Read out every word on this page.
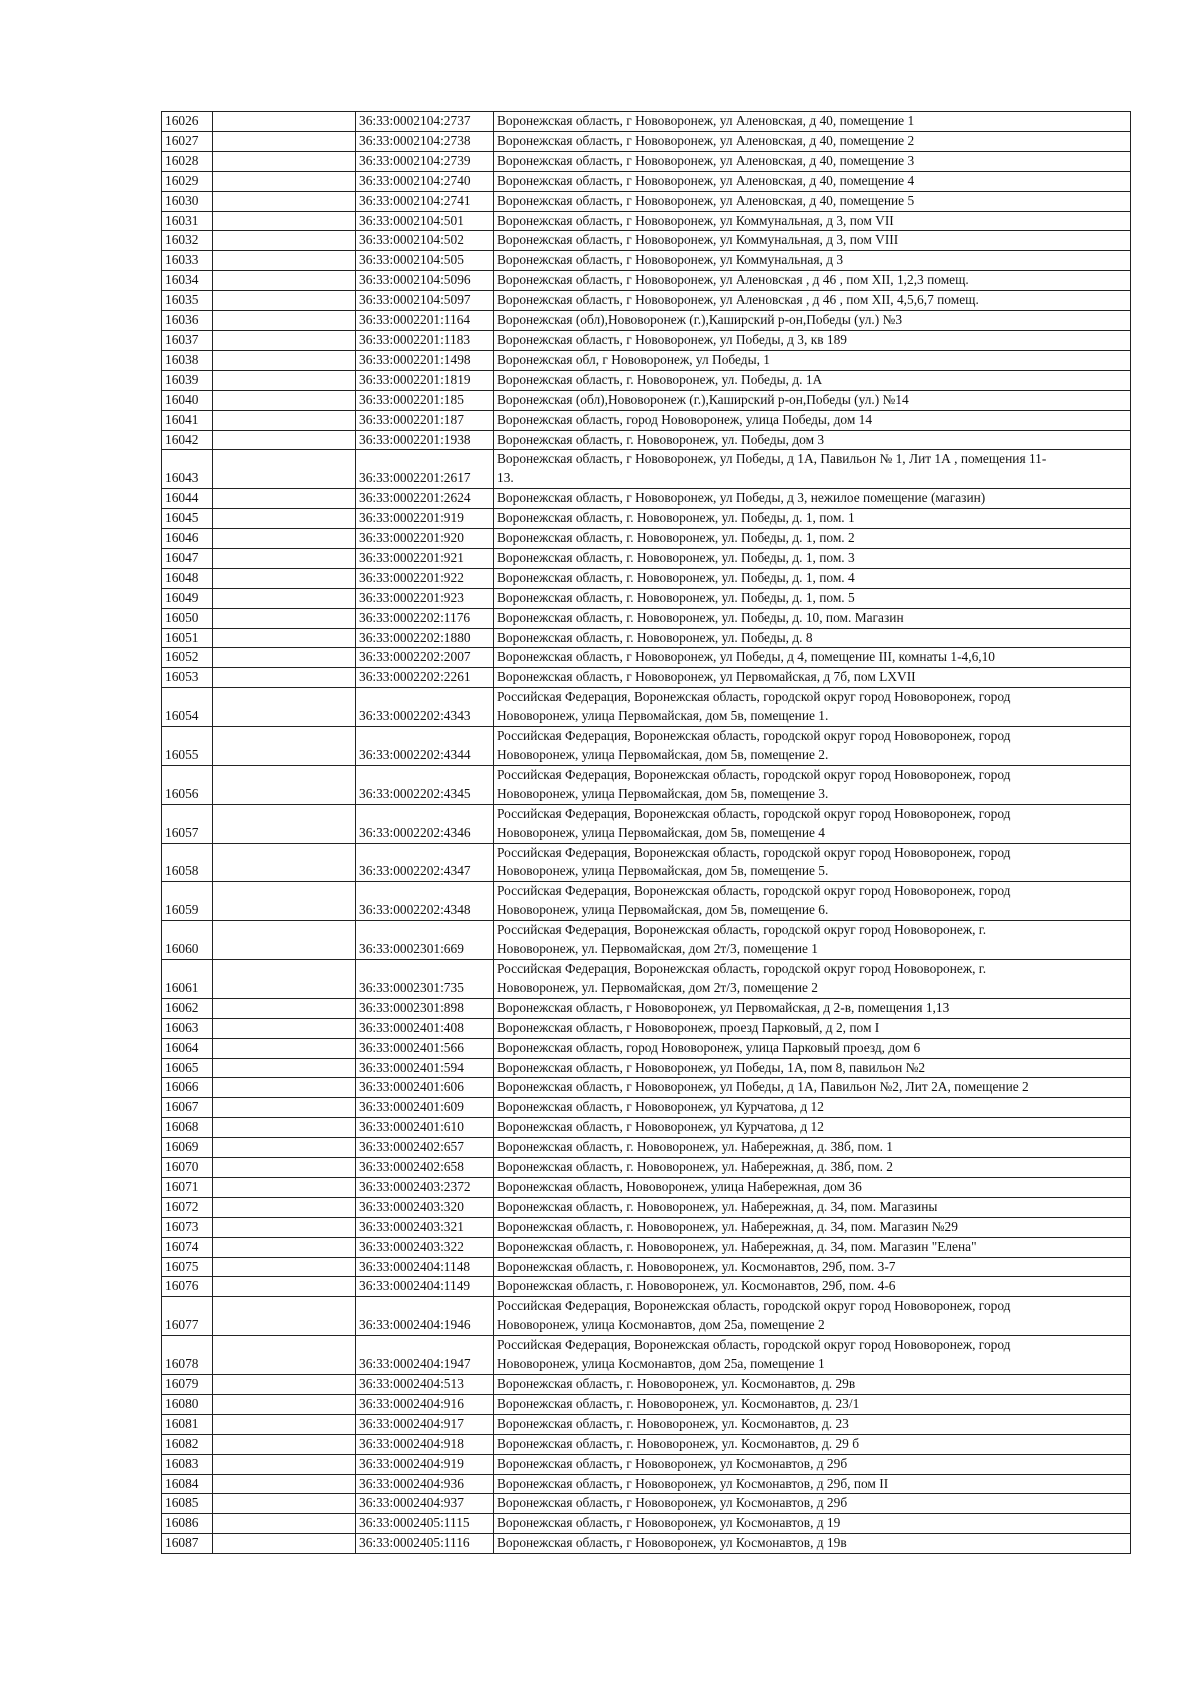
16026		36:33:0002104:2737	Воронежская область, г Нововоронеж, ул Аленовская, д 40, помещение 1
16027		36:33:0002104:2738	Воронежская область, г Нововоронеж, ул Аленовская, д 40, помещение 2
16028		36:33:0002104:2739	Воронежская область, г Нововоронеж, ул Аленовская, д 40, помещение 3
16029		36:33:0002104:2740	Воронежская область, г Нововоронеж, ул Аленовская, д 40, помещение 4
16030		36:33:0002104:2741	Воронежская область, г Нововоронеж, ул Аленовская, д 40, помещение 5
16031		36:33:0002104:501	Воронежская область, г Нововоронеж, ул Коммунальная, д 3, пом VII
16032		36:33:0002104:502	Воронежская область, г Нововоронеж, ул Коммунальная, д 3, пом VIII
16033		36:33:0002104:505	Воронежская область, г Нововоронеж, ул Коммунальная, д 3
16034		36:33:0002104:5096	Воронежская область, г Нововоронеж, ул Аленовская , д 46 , пом XII, 1,2,3 помещ.
16035		36:33:0002104:5097	Воронежская область, г Нововоронеж, ул Аленовская , д 46 , пом XII, 4,5,6,7 помещ.
16036		36:33:0002201:1164	Воронежская (обл),Нововоронеж (г.),Каширский р-он,Победы (ул.) №3
16037		36:33:0002201:1183	Воронежская область, г Нововоронеж, ул Победы, д 3, кв 189
16038		36:33:0002201:1498	Воронежская обл, г Нововоронеж, ул Победы, 1
16039		36:33:0002201:1819	Воронежская область, г. Нововоронеж, ул. Победы, д. 1А
16040		36:33:0002201:185	Воронежская (обл),Нововоронеж (г.),Каширский р-он,Победы (ул.) №14
16041		36:33:0002201:187	Воронежская область, город Нововоронеж, улица Победы, дом 14
16042		36:33:0002201:1938	Воронежская область, г. Нововоронеж, ул. Победы, дом 3
16043		36:33:0002201:2617	Воронежская область, г Нововоронеж, ул Победы, д 1А, Павильон № 1, Лит 1А , помещения 11-
13.
16044		36:33:0002201:2624	Воронежская область, г Нововоронеж, ул Победы, д 3, нежилое помещение (магазин)
16045		36:33:0002201:919	Воронежская область, г. Нововоронеж, ул. Победы, д. 1, пом. 1
16046		36:33:0002201:920	Воронежская область, г. Нововоронеж, ул. Победы, д. 1, пом. 2
16047		36:33:0002201:921	Воронежская область, г. Нововоронеж, ул. Победы, д. 1, пом. 3
16048		36:33:0002201:922	Воронежская область, г. Нововоронеж, ул. Победы, д. 1, пом. 4
16049		36:33:0002201:923	Воронежская область, г. Нововоронеж, ул. Победы, д. 1, пом. 5
16050		36:33:0002202:1176	Воронежская область, г. Нововоронеж, ул. Победы, д. 10, пом. Магазин
16051		36:33:0002202:1880	Воронежская область, г. Нововоронеж, ул. Победы, д. 8
16052		36:33:0002202:2007	Воронежская область, г Нововоронеж, ул Победы, д 4, помещение III, комнаты 1-4,6,10
16053		36:33:0002202:2261	Воронежская область, г Нововоронеж, ул Первомайская, д 7б, пом LXVII
16054		36:33:0002202:4343	Российская Федерация, Воронежская область, городской округ город Нововоронеж, город
Нововоронеж, улица Первомайская, дом 5в, помещение 1.
16055		36:33:0002202:4344	Российская Федерация, Воронежская область, городской округ город Нововоронеж, город
Нововоронеж, улица Первомайская, дом 5в, помещение 2.
16056		36:33:0002202:4345	Российская Федерация, Воронежская область, городской округ город Нововоронеж, город
Нововоронеж, улица Первомайская, дом 5в, помещение 3.
16057		36:33:0002202:4346	Российская Федерация, Воронежская область, городской округ город Нововоронеж, город
Нововоронеж, улица Первомайская, дом 5в, помещение 4
16058		36:33:0002202:4347	Российская Федерация, Воронежская область, городской округ город Нововоронеж, город
Нововоронеж, улица Первомайская, дом 5в, помещение 5.
16059		36:33:0002202:4348	Российская Федерация, Воронежская область, городской округ город Нововоронеж, город
Нововоронеж, улица Первомайская, дом 5в, помещение 6.
16060		36:33:0002301:669	Российская Федерация, Воронежская область, городской округ город Нововоронеж, г.
Нововоронеж, ул. Первомайская, дом 2т/3, помещение 1
16061		36:33:0002301:735	Российская Федерация, Воронежская область, городской округ город Нововоронеж, г.
Нововоронеж, ул. Первомайская, дом 2т/3, помещение 2
16062		36:33:0002301:898	Воронежская область, г Нововоронеж, ул Первомайская, д 2-в, помещения 1,13
16063		36:33:0002401:408	Воронежская область, г Нововоронеж, проезд Парковый, д 2, пом I
16064		36:33:0002401:566	Воронежская область, город Нововоронеж, улица Парковый проезд, дом 6
16065		36:33:0002401:594	Воронежская область, г Нововоронеж, ул Победы, 1А, пом 8, павильон №2
16066		36:33:0002401:606	Воронежская область, г Нововоронеж, ул Победы, д 1А, Павильон №2, Лит 2А, помещение 2

16067		36:33:0002401:609	Воронежская область, г Нововоронеж, ул Курчатова, д 12
16068		36:33:0002401:610	Воронежская область, г Нововоронеж, ул Курчатова, д 12
16069		36:33:0002402:657	Воронежская область, г. Нововоронеж, ул. Набережная, д. 38б, пом. 1
16070		36:33:0002402:658	Воронежская область, г. Нововоронеж, ул. Набережная, д. 38б, пом. 2
16071		36:33:0002403:2372	Воронежская область, Нововоронеж, улица Набережная, дом 36
16072		36:33:0002403:320	Воронежская область, г. Нововоронеж, ул. Набережная, д. 34, пом. Магазины
16073		36:33:0002403:321	Воронежская область, г. Нововоронеж, ул. Набережная, д. 34, пом. Магазин №29
16074		36:33:0002403:322	Воронежская область, г. Нововоронеж, ул. Набережная, д. 34, пом. Магазин "Елена"
16075		36:33:0002404:1148	Воронежская область, г. Нововоронеж, ул. Космонавтов, 29б, пом. 3-7
16076		36:33:0002404:1149	Воронежская область, г. Нововоронеж, ул. Космонавтов, 29б, пом. 4-6
16077		36:33:0002404:1946	Российская Федерация, Воронежская область, городской округ город Нововоронеж, город
Нововоронеж, улица Космонавтов, дом 25а, помещение 2
16078		36:33:0002404:1947	Российская Федерация, Воронежская область, городской округ город Нововоронеж, город
Нововоронеж, улица Космонавтов, дом 25а, помещение 1
16079		36:33:0002404:513	Воронежская область, г. Нововоронеж, ул. Космонавтов, д. 29в
16080		36:33:0002404:916	Воронежская область, г. Нововоронеж, ул. Космонавтов, д. 23/1
16081		36:33:0002404:917	Воронежская область, г. Нововоронеж, ул. Космонавтов, д. 23
16082		36:33:0002404:918	Воронежская область, г. Нововоронеж, ул. Космонавтов, д. 29 б
16083		36:33:0002404:919	Воронежская область, г Нововоронеж, ул Космонавтов, д 29б
16084		36:33:0002404:936	Воронежская область, г Нововоронеж, ул Космонавтов, д 29б, пом II
16085		36:33:0002404:937	Воронежская область, г Нововоронеж, ул Космонавтов, д 29б
16086		36:33:0002405:1115	Воронежская область, г Нововоронеж, ул Космонавтов, д 19
16087		36:33:0002405:1116	Воронежская область, г Нововоронеж, ул Космонавтов, д 19в
